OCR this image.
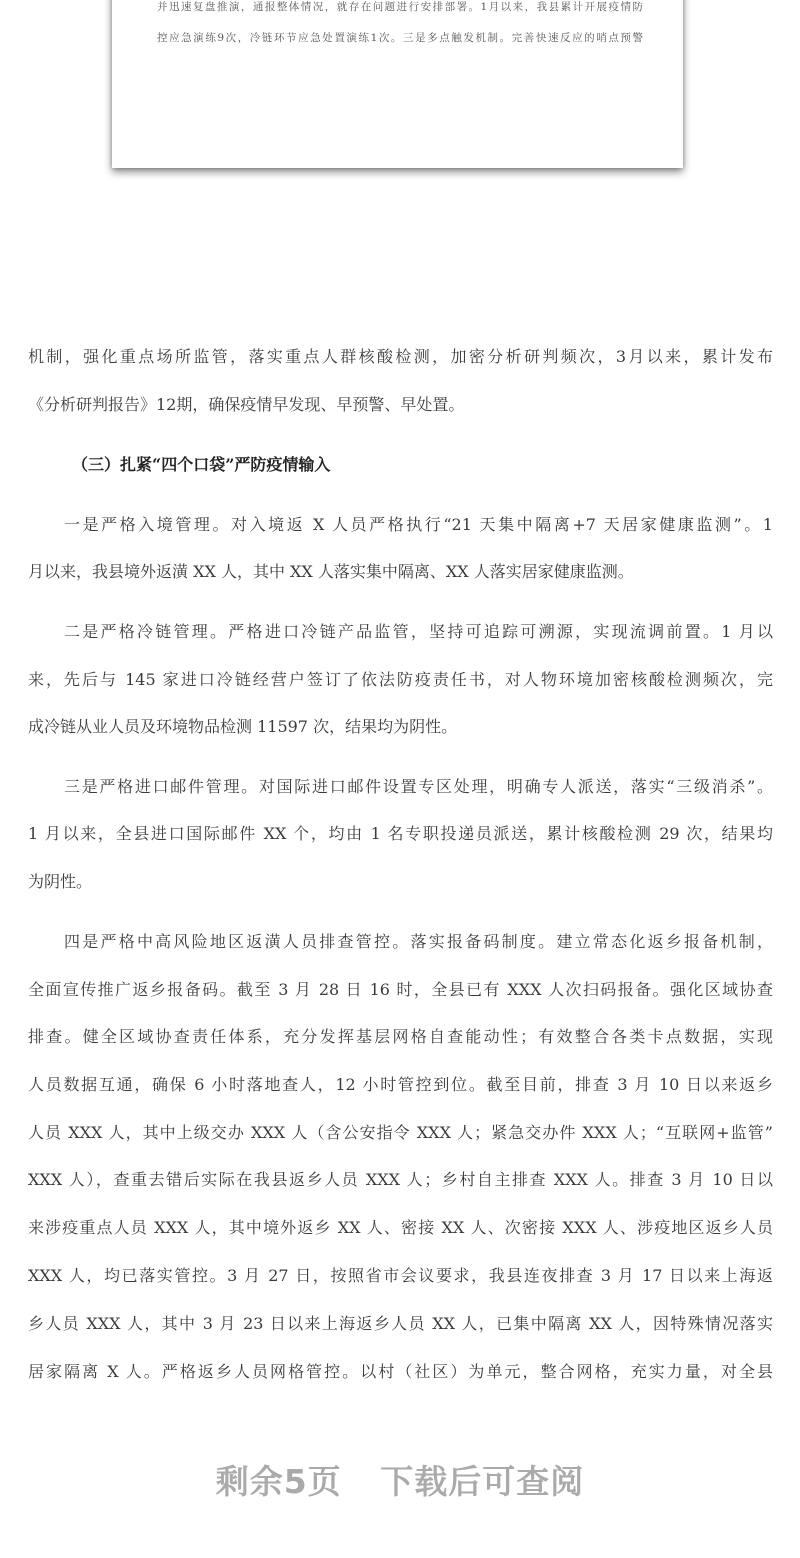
并迅速复盘推演，通报整体情况，就存在问题进行安排部署。1月以来，我县累计开展疫情防
控应急演练9次，冷链环节应急处置演练1次。三是多点触发机制。完善快速反应的哨点预警
机制，强化重点场所监管，落实重点人群核酸检测，加密分析研判频次，3月以来，累计发布
《分析研判报告》12期，确保疫情早发现、早预警、早处置。
（三）扎紧“四个口袋”严防疫情输入
一是严格入境管理。对入境返 X 人员严格执行“21 天集中隔离+7 天居家健康监测”。1
月以来，我县境外返潢 XX 人，其中 XX 人落实集中隔离、XX 人落实居家健康监测。
二是严格冷链管理。严格进口冷链产品监管，坚持可追踪可溯源，实现流调前置。1 月以
来，先后与 145 家进口冷链经营户签订了依法防疫责任书，对人物环境加密核酸检测频次，完
成冷链从业人员及环境物品检测 11597 次，结果均为阴性。
三是严格进口邮件管理。对国际进口邮件设置专区处理，明确专人派送，落实“三级消杀”。
1 月以来，全县进口国际邮件 XX 个，均由 1 名专职投递员派送，累计核酸检测 29 次，结果均
为阴性。
四是严格中高风险地区返潢人员排查管控。落实报备码制度。建立常态化返乡报备机制，
全面宣传推广返乡报备码。截至 3 月 28 日 16 时，全县已有 XXX 人次扫码报备。强化区域协查
排查。健全区域协查责任体系，充分发挥基层网格自查能动性；有效整合各类卡点数据，实现
人员数据互通，确保 6 小时落地查人，12 小时管控到位。截至目前，排查 3 月 10 日以来返乡
人员 XXX 人，其中上级交办 XXX 人（含公安指令 XXX 人；紧急交办件 XXX 人；“互联网+监管”
XXX 人），查重去错后实际在我县返乡人员 XXX 人；乡村自主排查 XXX 人。排查 3 月 10 日以
来涉疫重点人员 XXX 人，其中境外返乡 XX 人、密接 XX 人、次密接 XXX 人、涉疫地区返乡人员
XXX 人，均已落实管控。3 月 27 日，按照省市会议要求，我县连夜排查 3 月 17 日以来上海返
乡人员 XXX 人，其中 3 月 23 日以来上海返乡人员 XX 人，已集中隔离 XX 人，因特殊情况落实
居家隔离 X 人。严格返乡人员网格管控。以村（社区）为单元，整合网格，充实力量，对全县
剩余5页 下载后可查阅
